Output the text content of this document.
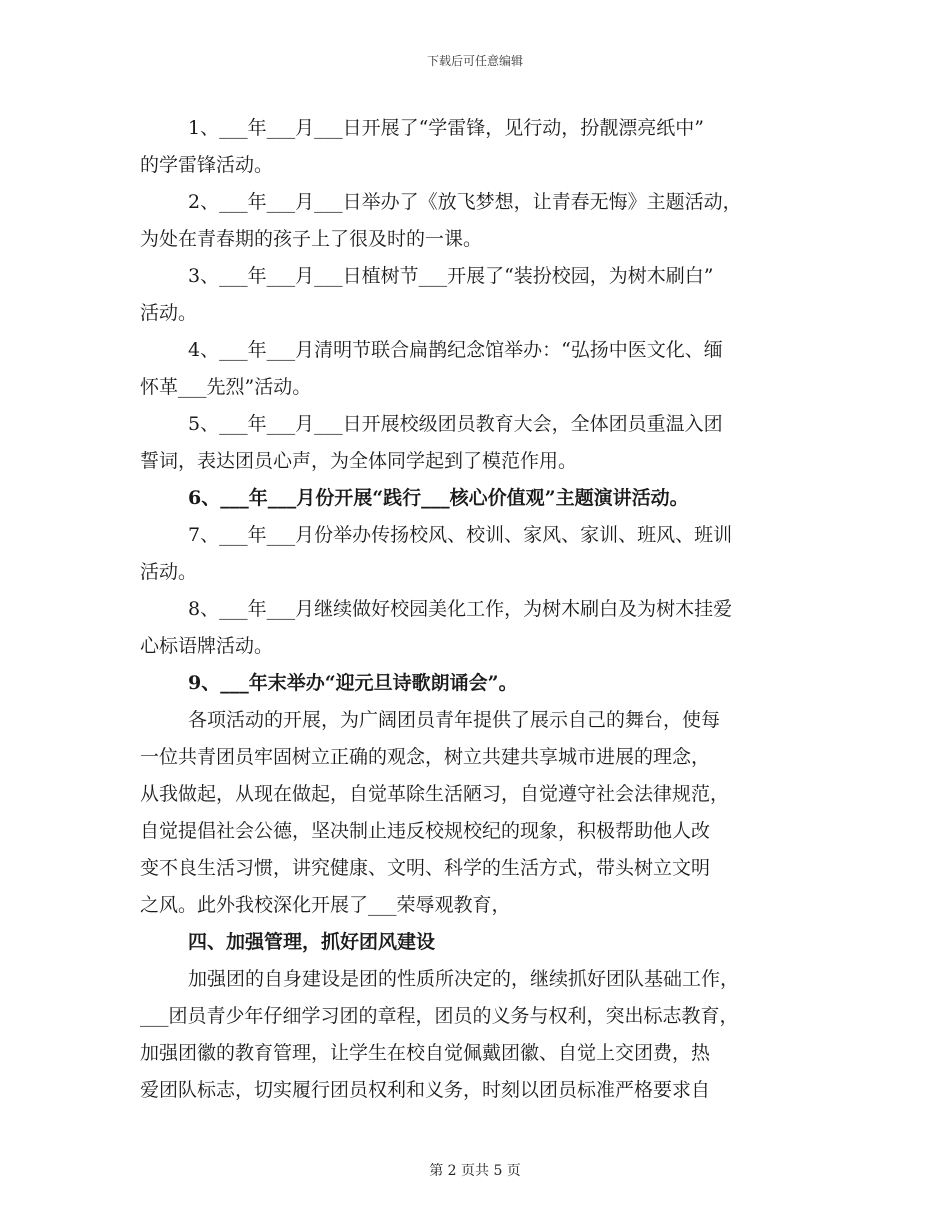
下载后可任意编辑
1、___年___月___日开展了“学雷锋，见行动，扮靓漂亮纸中”
的学雷锋活动。
2、___年___月___日举办了《放飞梦想，让青春无悔》主题活动，
为处在青春期的孩子上了很及时的一课。
3、___年___月___日植树节___开展了“装扮校园，为树木刷白”
活动。
4、___年___月清明节联合扁鹊纪念馆举办：“弘扬中医文化、缅
怀革___先烈”活动。
5、___年___月___日开展校级团员教育大会，全体团员重温入团
誓词，表达团员心声，为全体同学起到了模范作用。
6、___年___月份开展“践行___核心价值观”主题演讲活动。
7、___年___月份举办传扬校风、校训、家风、家训、班风、班训
活动。
8、___年___月继续做好校园美化工作，为树木刷白及为树木挂爱
心标语牌活动。
9、___年末举办“迎元旦诗歌朗诵会”。
各项活动的开展，为广阔团员青年提供了展示自己的舞台，使每
一位共青团员牢固树立正确的观念，树立共建共享城市进展的理念，
从我做起，从现在做起，自觉革除生活陋习，自觉遵守社会法律规范，
自觉提倡社会公德，坚决制止违反校规校纪的现象，积极帮助他人改
变不良生活习惯，讲究健康、文明、科学的生活方式，带头树立文明
之风。此外我校深化开展了___荣辱观教育，
四、加强管理，抓好团风建设
加强团的自身建设是团的性质所决定的，继续抓好团队基础工作，
___团员青少年仔细学习团的章程，团员的义务与权利，突出标志教育，
加强团徽的教育管理，让学生在校自觉佩戴团徽、自觉上交团费，热
爱团队标志，切实履行团员权利和义务，时刻以团员标准严格要求自
第 2 页共 5 页
